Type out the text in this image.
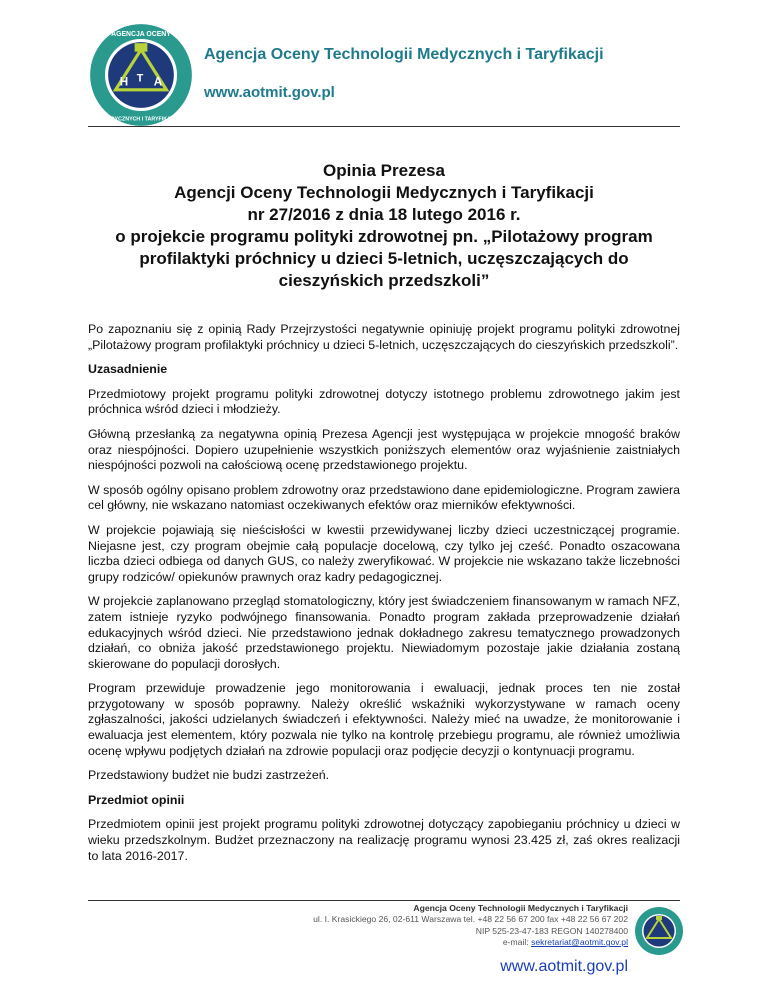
H T A
AGENCJA OCENY
MEDYCZNYCH I TARYFIKACJI
Agencja Oceny Technologii Medycznych i Taryfikacji
www.aotmit.gov.pl
Opinia Prezesa
Agencji Oceny Technologii Medycznych i Taryfikacji
nr 27/2016 z dnia 18 lutego 2016 r.
o projekcie programu polityki zdrowotnej pn. „Pilotażowy program
profilaktyki próchnicy u dzieci 5-letnich, uczęszczających do
cieszyńskich przedszkoli”

Po zapoznaniu się z opinią Rady Przejrzystości negatywnie opiniuję projekt programu polityki zdrowotnej „Pilotażowy program profilaktyki próchnicy u dzieci 5-letnich, uczęszczających do cieszyńskich przedszkoli”.

Uzasadnienie

Przedmiotowy projekt programu polityki zdrowotnej dotyczy istotnego problemu zdrowotnego jakim jest próchnica wśród dzieci i młodzieży.

Główną przesłanką za negatywna opinią Prezesa Agencji jest występująca w projekcie mnogość braków oraz niespójności. Dopiero uzupełnienie wszystkich poniższych elementów oraz wyjaśnienie zaistniałych niespójności pozwoli na całościową ocenę przedstawionego projektu.

W sposób ogólny opisano problem zdrowotny oraz przedstawiono dane epidemiologiczne. Program zawiera cel główny, nie wskazano natomiast oczekiwanych efektów oraz mierników efektywności.

W projekcie pojawiają się nieścisłości w kwestii przewidywanej liczby dzieci uczestniczącej programie. Niejasne jest, czy program obejmie całą populacje docelową, czy tylko jej cześć. Ponadto oszacowana liczba dzieci odbiega od danych GUS, co należy zweryfikować. W projekcie nie wskazano także liczebności grupy rodziców/ opiekunów prawnych oraz kadry pedagogicznej.

W projekcie zaplanowano przegląd stomatologiczny, który jest świadczeniem finansowanym w ramach NFZ, zatem istnieje ryzyko podwójnego finansowania. Ponadto program zakłada przeprowadzenie działań edukacyjnych wśród dzieci. Nie przedstawiono jednak dokładnego zakresu tematycznego prowadzonych działań, co obniża jakość przedstawionego projektu. Niewiadomym pozostaje jakie działania zostaną skierowane do populacji dorosłych.

Program przewiduje prowadzenie jego monitorowania i ewaluacji, jednak proces ten nie został przygotowany w sposób poprawny. Należy określić wskaźniki wykorzystywane w ramach oceny zgłaszalności, jakości udzielanych świadczeń i efektywności. Należy mieć na uwadze, że monitorowanie i ewaluacja jest elementem, który pozwala nie tylko na kontrolę przebiegu programu, ale również umożliwia ocenę wpływu podjętych działań na zdrowie populacji oraz podjęcie decyzji o kontynuacji programu.

Przedstawiony budżet nie budzi zastrzeżeń.

Przedmiot opinii

Przedmiotem opinii jest projekt programu polityki zdrowotnej dotyczący zapobieganiu próchnicy u dzieci w wieku przedszkolnym. Budżet przeznaczony na realizację programu wynosi 23.425 zł, zaś okres realizacji to lata 2016-2017.

Agencja Oceny Technologii Medycznych i Taryfikacji
ul. I. Krasickiego 26, 02-611 Warszawa tel. +48 22 56 67 200 fax +48 22 56 67 202
NIP 525-23-47-183 REGON 140278400
e-mail: sekretariat@aotmit.gov.pl
www.aotmit.gov.pl
